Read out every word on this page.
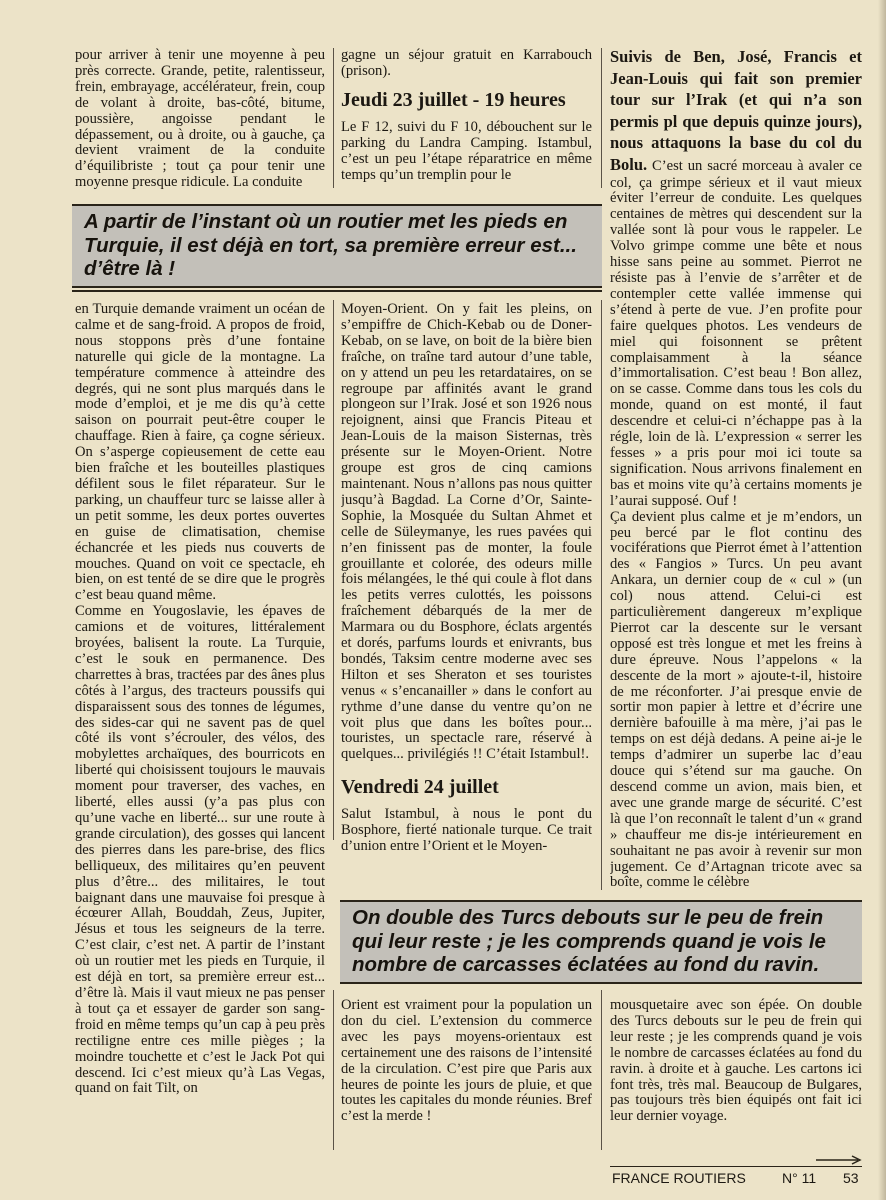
pour arriver à tenir une moyenne à peu près correcte. Grande, petite, ralentisseur, frein, embrayage, accélérateur, frein, coup de volant à droite, bas-côté, bitume, poussière, angoisse pendant le dépassement, ou à droite, ou à gauche, ça devient vraiment de la conduite d’équilibriste ; tout ça pour tenir une moyenne presque ridicule. La conduite

gagne un séjour gratuit en Karrabouch (prison).

Jeudi 23 juillet - 19 heures

Le F 12, suivi du F 10, débouchent sur le parking du Landra Camping. Istambul, c’est un peu l’étape réparatrice en même temps qu’un tremplin pour le

Suivis de Ben, José, Francis et Jean-Louis qui fait son premier tour sur l’Irak (et qui n’a son permis pl que depuis quinze jours), nous attaquons la base du col du Bolu. C’est un sacré morceau à avaler ce col, ça grimpe sérieux et il vaut mieux éviter l’erreur de conduite. Les quelques centaines de mètres qui descendent sur la vallée sont là pour vous le rappeler. Le Volvo grimpe comme une bête et nous hisse sans peine au sommet. Pierrot ne résiste pas à l’envie de s’arrêter et de contempler cette vallée immense qui s’étend à perte de vue. J’en profite pour faire quelques photos. Les vendeurs de miel qui foisonnent se prêtent complaisamment à la séance d’immortalisation. C’est beau ! Bon allez, on se casse. Comme dans tous les cols du monde, quand on est monté, il faut descendre et celui-ci n’échappe pas à la régle, loin de là. L’expression « serrer les fesses » a pris pour moi ici toute sa signification. Nous arrivons finalement en bas et moins vite qu’à certains moments je l’aurai supposé. Ouf !

Ça devient plus calme et je m’endors, un peu bercé par le flot continu des vociférations que Pierrot émet à l’attention des « Fangios » Turcs. Un peu avant Ankara, un dernier coup de « cul » (un col) nous attend. Celui-ci est particulièrement dangereux m’explique Pierrot car la descente sur le versant opposé est très longue et met les freins à dure épreuve. Nous l’appelons « la descente de la mort » ajoute-t-il, histoire de me réconforter. J’ai presque envie de sortir mon papier à lettre et d’écrire une dernière bafouille à ma mère, j’ai pas le temps on est déjà dedans. A peine ai-je le temps d’admirer un superbe lac d’eau douce qui s’étend sur ma gauche. On descend comme un avion, mais bien, et avec une grande marge de sécurité. C’est là que l’on reconnaît le talent d’un « grand » chauffeur me dis-je intérieurement en souhaitant ne pas avoir à revenir sur mon jugement. Ce d’Artagnan tricote avec sa boîte, comme le célèbre

A partir de l’instant où un routier met les pieds en Turquie, il est déjà en tort, sa première erreur est... d’être là !

en Turquie demande vraiment un océan de calme et de sang-froid. A propos de froid, nous stoppons près d’une fontaine naturelle qui gicle de la montagne. La température commence à atteindre des degrés, qui ne sont plus marqués dans le mode d’emploi, et je me dis qu’à cette saison on pourrait peut-être couper le chauffage. Rien à faire, ça cogne sérieux. On s’asperge copieusement de cette eau bien fraîche et les bouteilles plastiques défilent sous le filet réparateur. Sur le parking, un chauffeur turc se laisse aller à un petit somme, les deux portes ouvertes en guise de climatisation, chemise échancrée et les pieds nus couverts de mouches. Quand on voit ce spectacle, eh bien, on est tenté de se dire que le progrès c’est beau quand même.

Comme en Yougoslavie, les épaves de camions et de voitures, littéralement broyées, balisent la route. La Turquie, c’est le souk en permanence. Des charrettes à bras, tractées par des ânes plus côtés à l’argus, des tracteurs poussifs qui disparaissent sous des tonnes de légumes, des sides-car qui ne savent pas de quel côté ils vont s’écrouler, des vélos, des mobylettes archaïques, des bourricots en liberté qui choisissent toujours le mauvais moment pour traverser, des vaches, en liberté, elles aussi (y’a pas plus con qu’une vache en liberté... sur une route à grande circulation), des gosses qui lancent des pierres dans les pare-brise, des flics belliqueux, des militaires qu’en peuvent plus d’être... des militaires, le tout baignant dans une mauvaise foi presque à écœurer Allah, Bouddah, Zeus, Jupiter, Jésus et tous les seigneurs de la terre. C’est clair, c’est net. A partir de l’instant où un routier met les pieds en Turquie, il est déjà en tort, sa première erreur est... d’être là. Mais il vaut mieux ne pas penser à tout ça et essayer de garder son sang-froid en même temps qu’un cap à peu près rectiligne entre ces mille pièges ; la moindre touchette et c’est le Jack Pot qui descend. Ici c’est mieux qu’à Las Vegas, quand on fait Tilt, on

Moyen-Orient. On y fait les pleins, on s’empiffre de Chich-Kebab ou de Doner-Kebab, on se lave, on boit de la bière bien fraîche, on traîne tard autour d’une table, on y attend un peu les retardataires, on se regroupe par affinités avant le grand plongeon sur l’Irak. José et son 1926 nous rejoignent, ainsi que Francis Piteau et Jean-Louis de la maison Sisternas, très présente sur le Moyen-Orient. Notre groupe est gros de cinq camions maintenant. Nous n’allons pas nous quitter jusqu’à Bagdad. La Corne d’Or, Sainte-Sophie, la Mosquée du Sultan Ahmet et celle de Süleymanye, les rues pavées qui n’en finissent pas de monter, la foule grouillante et colorée, des odeurs mille fois mélangées, le thé qui coule à flot dans les petits verres culottés, les poissons fraîchement débarqués de la mer de Marmara ou du Bosphore, éclats argentés et dorés, parfums lourds et enivrants, bus bondés, Taksim centre moderne avec ses Hilton et ses Sheraton et ses touristes venus « s’encanailler » dans le confort au rythme d’une danse du ventre qu’on ne voit plus que dans les boîtes pour... touristes, un spectacle rare, réservé à quelques... privilégiés !! C’était Istambul!.

Vendredi 24 juillet

Salut Istambul, à nous le pont du Bosphore, fierté nationale turque. Ce trait d’union entre l’Orient et le Moyen-

On double des Turcs debouts sur le peu de frein qui leur reste ; je les comprends quand je vois le nombre de carcasses éclatées au fond du ravin.

Orient est vraiment pour la population un don du ciel. L’extension du commerce avec les pays moyens-orientaux est certainement une des raisons de l’intensité de la circulation. C’est pire que Paris aux heures de pointe les jours de pluie, et que toutes les capitales du monde réunies. Bref c’est la merde !

mousquetaire avec son épée. On double des Turcs debouts sur le peu de frein qui leur reste ; je les comprends quand je vois le nombre de carcasses éclatées au fond du ravin. à droite et à gauche. Les cartons ici font très, très mal. Beaucoup de Bulgares, pas toujours très bien équipés ont fait ici leur dernier voyage.

FRANCE ROUTIERS	N° 11 53
